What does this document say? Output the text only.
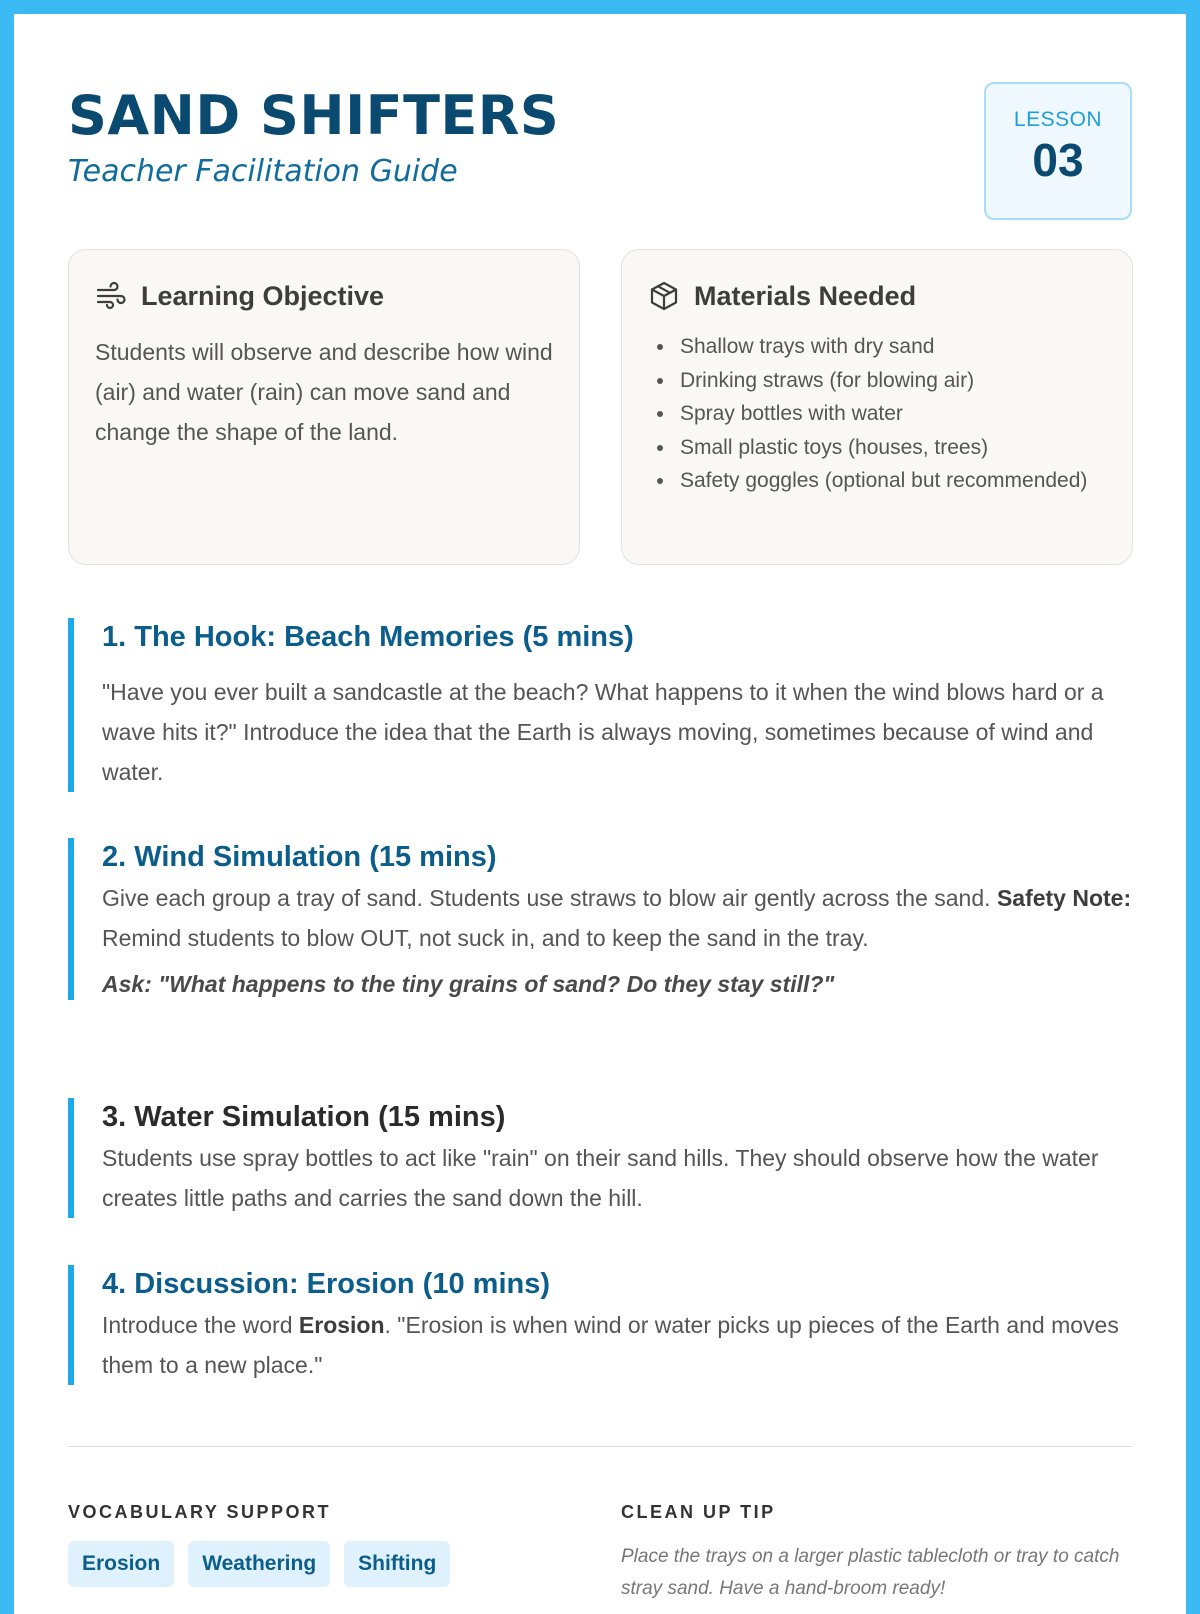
SAND SHIFTERS
Teacher Facilitation Guide
LESSON
03
Learning Objective

Students will observe and describe how wind (air) and water (rain) can move sand and change the shape of the land.

Materials Needed
• Shallow trays with dry sand
• Drinking straws (for blowing air)
• Spray bottles with water
• Small plastic toys (houses, trees)
• Safety goggles (optional but recommended)
1. The Hook: Beach Memories (5 mins)

"Have you ever built a sandcastle at the beach? What happens to it when the wind blows hard or a wave hits it?" Introduce the idea that the Earth is always moving, sometimes because of wind and water.

2. Wind Simulation (15 mins)

Give each group a tray of sand. Students use straws to blow air gently across the sand. Safety Note: Remind students to blow OUT, not suck in, and to keep the sand in the tray.

Ask: "What happens to the tiny grains of sand? Do they stay still?"

3. Water Simulation (15 mins)

Students use spray bottles to act like "rain" on their sand hills. They should observe how the water creates little paths and carries the sand down the hill.

4. Discussion: Erosion (10 mins)

Introduce the word Erosion. "Erosion is when wind or water picks up pieces of the Earth and moves them to a new place."

VOCABULARY SUPPORT
Erosion	Weathering	Shifting
CLEAN UP TIP

Place the trays on a larger plastic tablecloth or tray to catch stray sand. Have a hand-broom ready!
